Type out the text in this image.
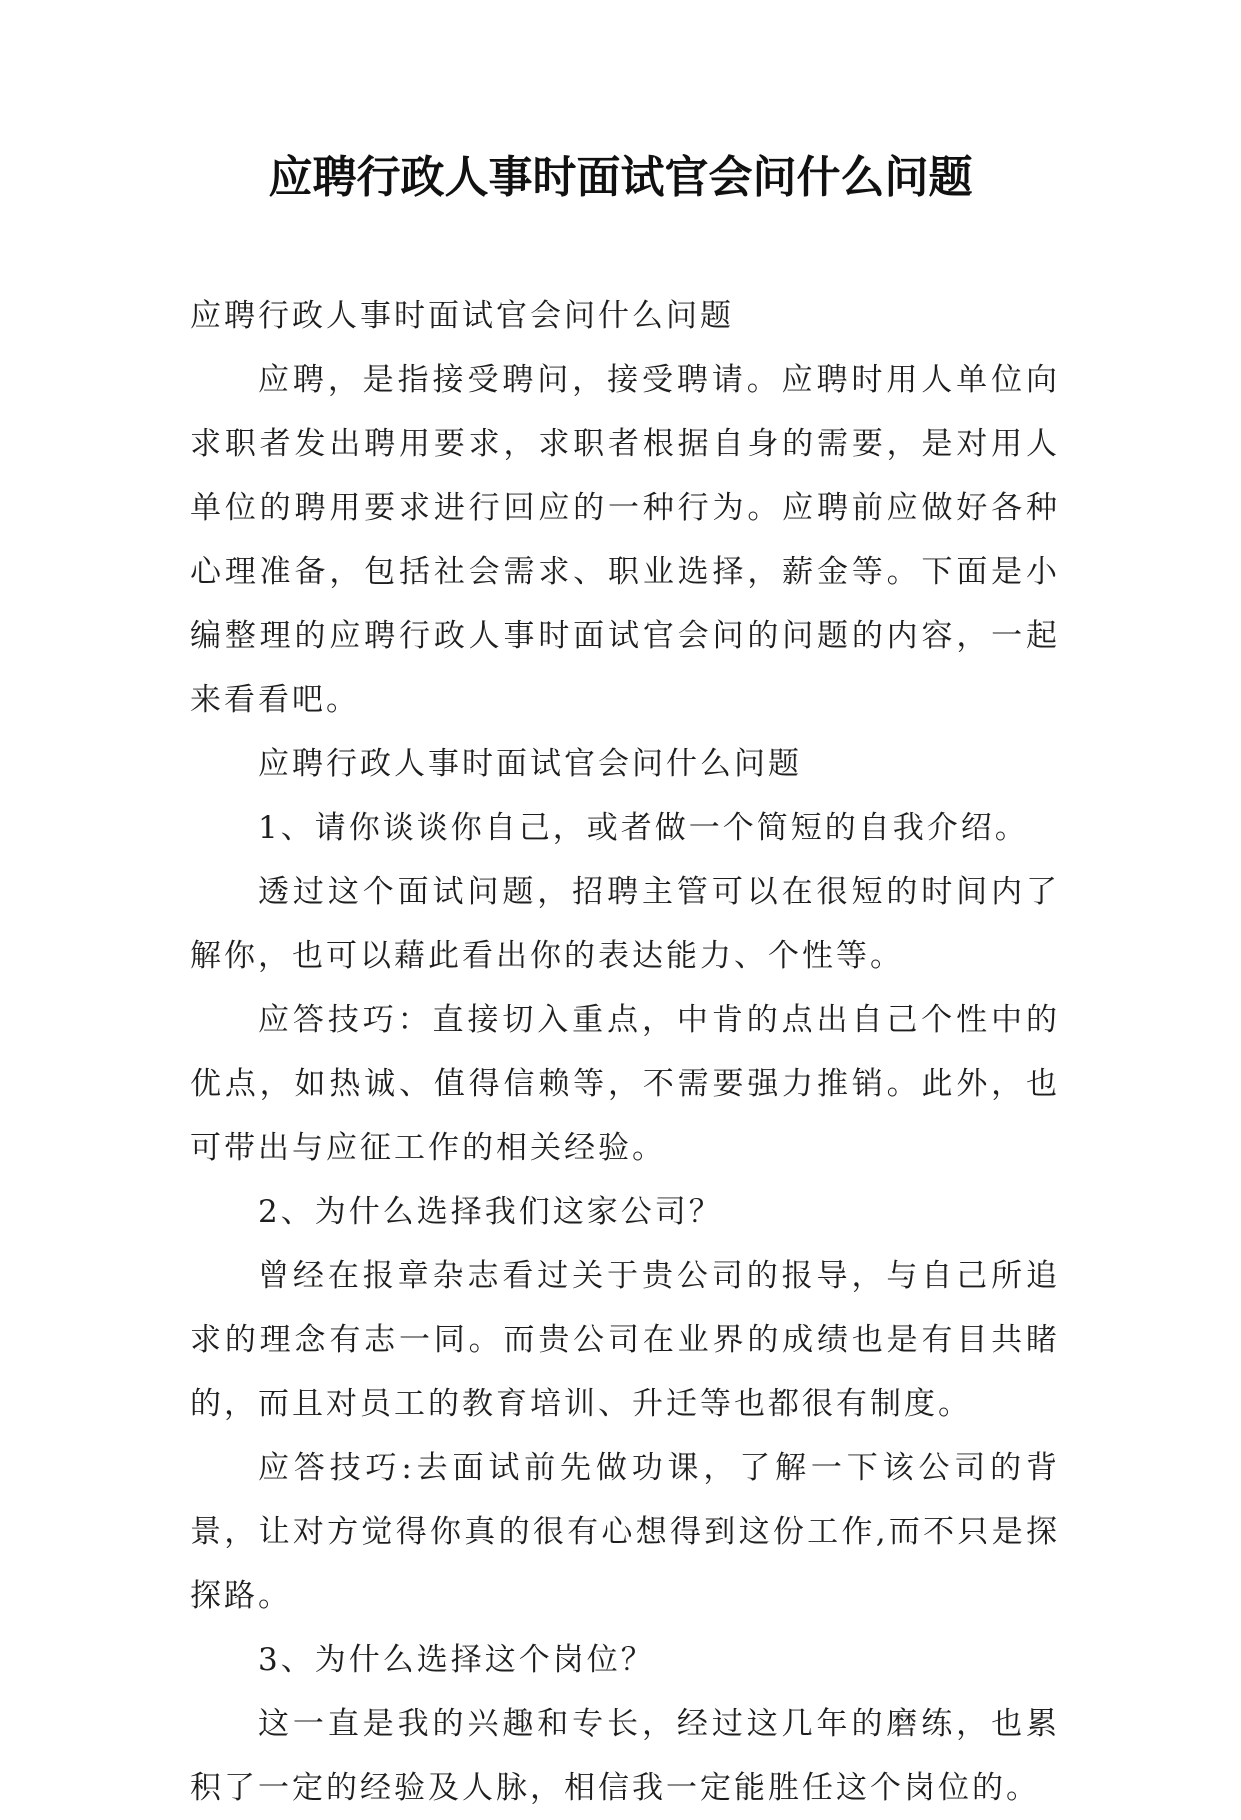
应聘行政人事时面试官会问什么问题

应聘行政人事时面试官会问什么问题

应聘，是指接受聘问，接受聘请。应聘时用人单位向求职者发出聘用要求，求职者根据自身的需要，是对用人单位的聘用要求进行回应的一种行为。应聘前应做好各种心理准备，包括社会需求、职业选择，薪金等。下面是小编整理的应聘行政人事时面试官会问的问题的内容，一起来看看吧。

应聘行政人事时面试官会问什么问题

1、请你谈谈你自己，或者做一个简短的自我介绍。

透过这个面试问题，招聘主管可以在很短的时间内了解你，也可以藉此看出你的表达能力、个性等。

应答技巧：直接切入重点，中肯的点出自己个性中的优点，如热诚、值得信赖等，不需要强力推销。此外，也可带出与应征工作的相关经验。

2、为什么选择我们这家公司？

曾经在报章杂志看过关于贵公司的报导，与自己所追求的理念有志一同。而贵公司在业界的成绩也是有目共睹的，而且对员工的教育培训、升迁等也都很有制度。

应答技巧:去面试前先做功课，了解一下该公司的背景，让对方觉得你真的很有心想得到这份工作,而不只是探探路。

3、为什么选择这个岗位？

这一直是我的兴趣和专长，经过这几年的磨练，也累积了一定的经验及人脉，相信我一定能胜任这个岗位的。
